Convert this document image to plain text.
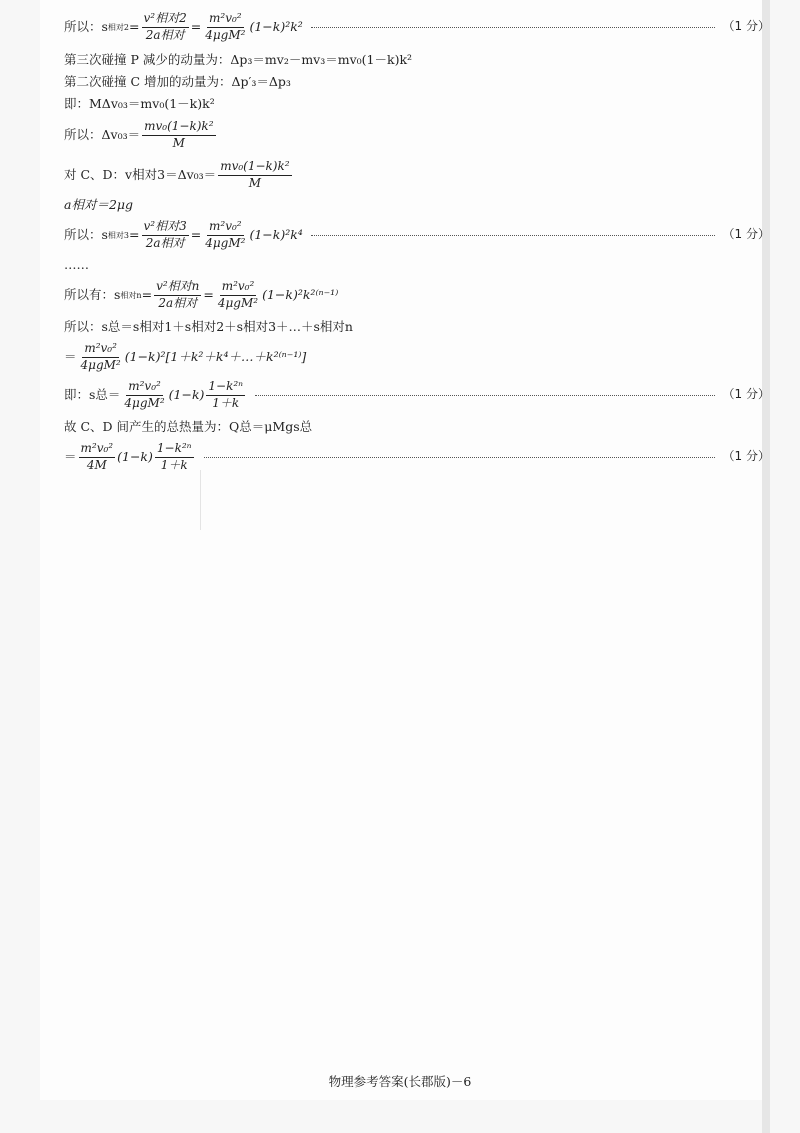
所以：s 相对$2 = \frac{\text{v²相对2}}{\text{2a相对}} = \frac{\text{m²v₀²}}{\text{4μgM²}} (1-k)^2k^2$	（1 分）
第三次碰撞 P 减少的动量为：Δp₃＝mv₂－mv₃＝mv₀(1－k)k²
第二次碰撞 C 增加的动量为：Δp′₃＝Δp₃
即：MΔv₀₃＝mv₀(1－k)k²
所以：$\Delta v_{03}= \frac{\text{mv₀(1−k)k²}}{M}$
对 C、D：v相对$3=\Delta v_{03}= \frac{\text{mv₀(1−k)k²}}{M}$
a相对＝2μg
所以：s 相对$3 = \frac{\text{v²相对3}}{\text{2a相对}} = \frac{\text{m²v₀²}}{\text{4μgM²}} (1-k)^2k^4$	（1 分）
……
所以有：s 相对$n = \frac{\text{v²相对n}}{\text{2a相对}} = \frac{\text{m²v₀²}}{\text{4μgM²}} (1-k)^2k^{2(n-1)}$
所以：s总＝s相对1＋s相对2＋s相对3＋…＋s相对n
＝ $\frac{\text{m²v₀²}}{\text{4μgM²}}$ (1−k)²[1＋k²＋k⁴＋…＋k²⁽ⁿ⁻¹⁾]
即：s总＝ $\frac{\text{m²v₀²}}{\text{4μgM²}} (1-k) \frac{\text{1−k²ⁿ}}{1+k}$	（1 分）
故 C、D 间产生的总热量为：Q总＝μMgs总
＝ $\frac{\text{m²v₀²}}{4M} (1-k) \frac{\text{1−k²ⁿ}}{1+k}$	（1 分）
物理参考答案(长郡版)－6
